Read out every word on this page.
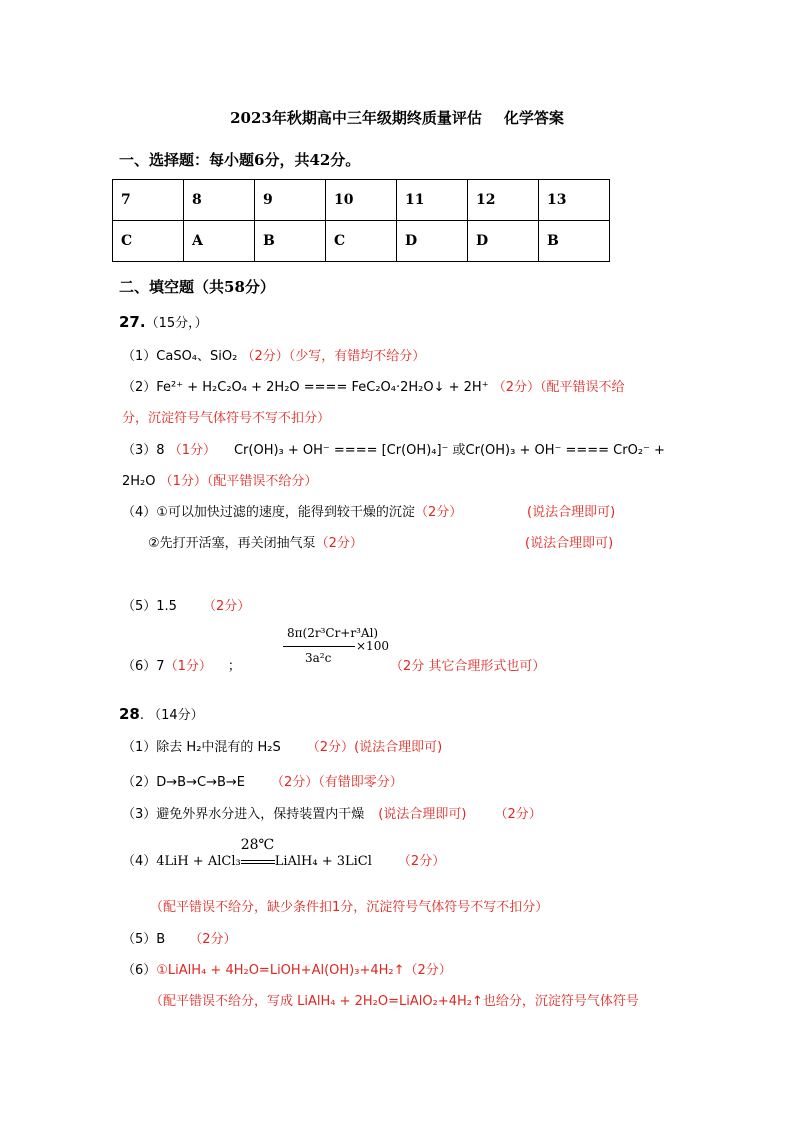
2023年秋期高中三年级期终质量评估 化学答案
一、选择题：每小题6分，共42分。
7	8	9	10	11	12	13
C	A	B	C	D	D	B
二、填空题（共58分）
27.（15分，）
（1）CaSO₄、SiO₂ （2分）（少写，有错均不给分）
（2）Fe²⁺ + H₂C₂O₄ + 2H₂O ==== FeC₂O₄·2H₂O↓ + 2H⁺ （2分）（配平错误不给
分，沉淀符号气体符号不写不扣分）
（3）8 （1分） Cr(OH)₃ + OH⁻ ==== [Cr(OH)₄]⁻ 或Cr(OH)₃ + OH⁻ ==== CrO₂⁻ +
2H₂O （1分）（配平错误不给分）
（4）①可以加快过滤的速度，能得到较干燥的沉淀（2分）	(说法合理即可)
②先打开活塞，再关闭抽气泵（2分）	(说法合理即可)
（5）1.5 （2分）
（6）7（1分） ；
8π(2r³Cr+r³Al)
×100
3a²c
（2分 其它合理形式也可）
28. （14分）
（1）除去 H₂中混有的 H₂S （2分）(说法合理即可)
（2）D→B→C→B→E （2分）（有错即零分）
（3）避免外界水分进入，保持装置内干燥 (说法合理即可) （2分）
（4）4LiH + AlCl₃
28℃
LiAlH₄ + 3LiCl （2分）
（配平错误不给分，缺少条件扣1分，沉淀符号气体符号不写不扣分）
（5）B （2分）
（6）①LiAlH₄ + 4H₂O=LiOH+Al(OH)₃+4H₂↑（2分）
（配平错误不给分，写成 LiAlH₄ + 2H₂O=LiAlO₂+4H₂↑也给分，沉淀符号气体符号
